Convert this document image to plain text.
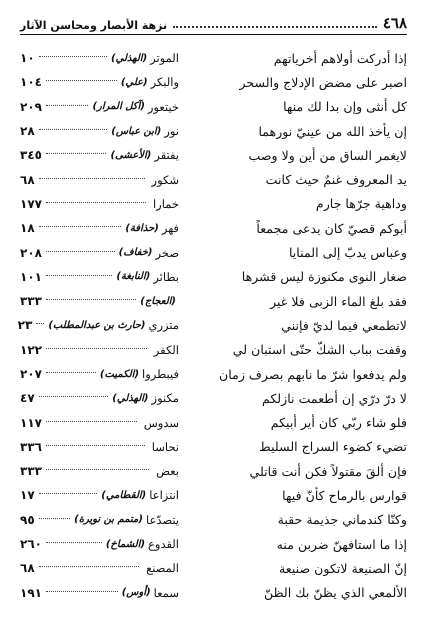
٤٦٨
نزهة الأبصار ومحاسن الآثار
إذا أدركت أولاهم أخرياتهم
الموتر
(الهذلي)
١٠
اصبر على مضض الإدلاج والسحر
والبكر
(علي)
١٠٤
كل أنثى وإن بدا لك منها
خيتعور
(آكل المرار)
٢٠٩
إن يأخذ الله من عينيّ نورهما
نور
(ابن عباس)
٢٨
لايغمر الساق من أين ولا وصب
يفتقر
(الأعشى)
٣٤٥
يد المعروف غنمٌ حيث كانت
شكور
٦٨
وداهية جرّها جارم
خمارا
١٧٧
أبوكم قصيّ كان يدعى مجمعاً
فهر
(حذافة)
١٨
وعباس يدبّ إلى المنايا
صخر
(خفاف)
٢٠٨
صغار النوى مكنوزة ليس قشرها
بطائر
(النابغة)
١٠١
فقد بلغ الماء الزبى فلا غير
(العجاج)
٣٣٣
لاتطمعي فيما لديّ فإنني
متزري
(حارث بن عبدالمطلب)
٢٣
وقفت بباب الشكّ حتّى استبان لي
الكفر
١٢٢
ولم يدفعوا شرّ ما نابهم بصرف زمان
فيبطروا
(الكميت)
٢٠٧
لا درّ درّي إن أطعمت نازلكم
مكنوز
(الهذلي)
٤٧
فلو شاء ربّي كان أير أبيكم
سدوس
١١٧
تضيء كضوء السراج السليط
نحاسا
٣٣٦
فإن ألقَ مقتولاً فكن أنت قاتلي
بعض
٣٣٣
قوارس بالرماح كأنّ فيها
انتزاعا
(القطامي)
١٧
وكنّا كندماني جذيمة حقبة
يتصدّعا
(متمم بن نويرة)
٩٥
إذا ما استافهنّ ضربن منه
القدوع
(الشماخ)
٢٦٠
إنّ الصنيعة لاتكون صنيعة
المصنع
٦٨
الألمعي الذي يظنّ بك الظنّ
سمعا
(أوس)
١٩١
